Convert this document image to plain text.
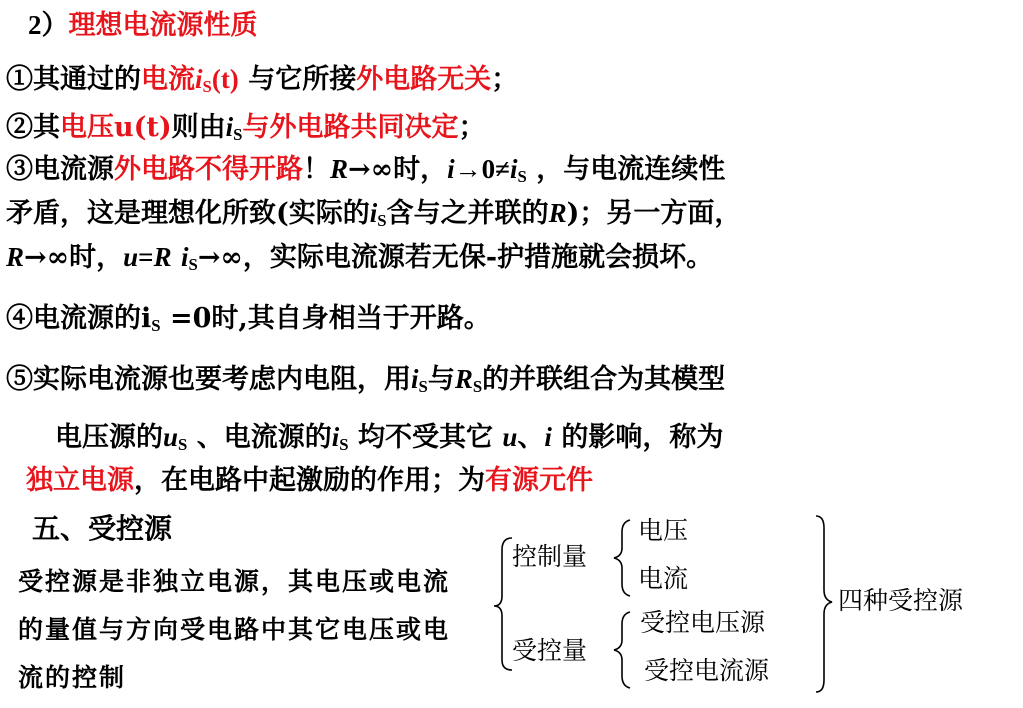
2）理想电流源性质
①其通过的电流$i_S(t)$ 与它所接外电路无关；
②其电压u(t)则由$i_S$与外电路共同决定；
③电流源外电路不得开路！R→∞时，$i\to 0\ne i_S$ ，与电流连续性
矛盾，这是理想化所致(实际的$i_S$含与之并联的R)；另一方面，
R→∞时，u=R $i_S\to\infty$，实际电流源若无保-护措施就会损坏。
④电流源的$i_S =0$时,其自身相当于开路。
⑤实际电流源也要考虑内电阻，用$i_S$与$R_S$的并联组合为其模型
电压源的$u_S$ 、电流源的$i_S$ 均不受其它 u、i 的影响，称为
独立电源，在电路中起激励的作用；为有源元件
五、受控源
受控源是非独立电源，其电压或电流的量值与方向受电路中其它电压或电流的控制
控制量
电压
电流
受控量
受控电压源
受控电流源
四种受控源
